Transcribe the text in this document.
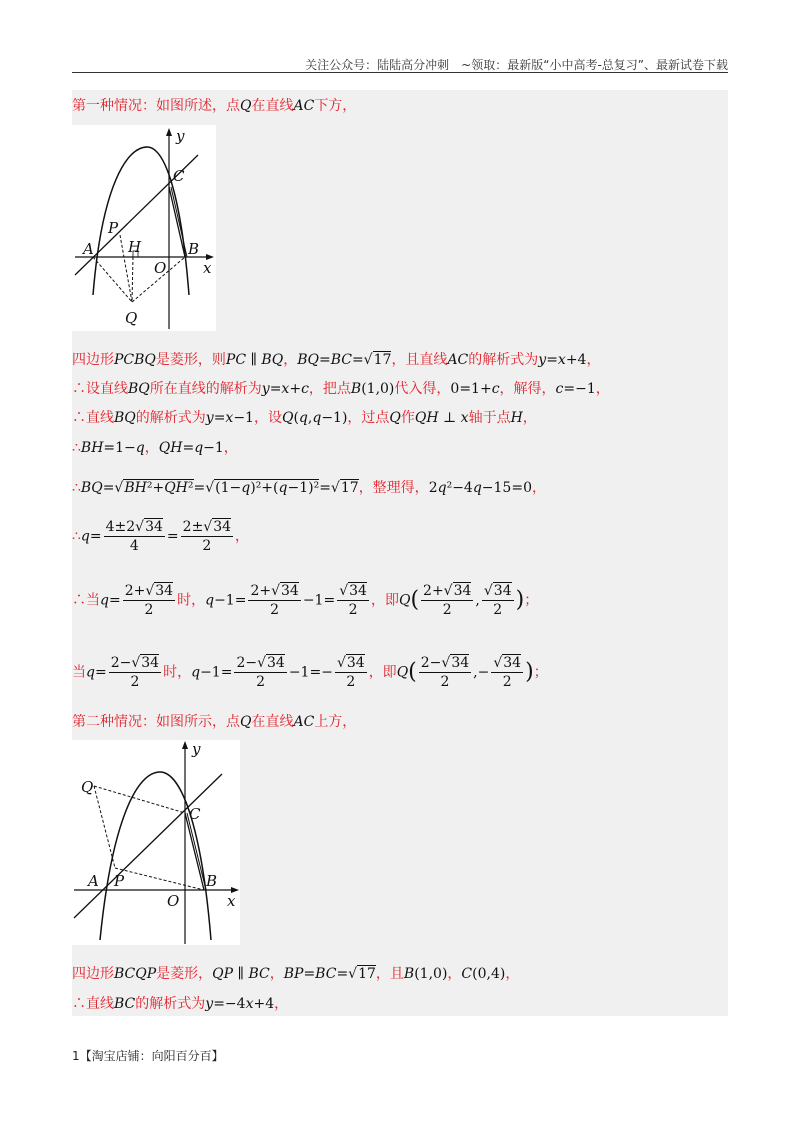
关注公众号：陆陆高分冲刺　~领取：最新版“小中高考-总复习”、最新试卷下载
第一种情况：如图所述，点Q在直线AC下方，
y
C
A
P
H	B
O x
Q
四边形PCBQ是菱形，则PC ∥ BQ，BQ=BC=√17，且直线AC的解析式为y=x+4，
∴设直线BQ所在直线的解析为y=x+c，把点B(1,0)代入得，0=1+c，解得，c=−1，
∴直线BQ的解析式为y=x−1，设Q(q,q−1)，过点Q作QH ⊥ x轴于点H，
∴BH=1−q，QH=q−1，
∴BQ=√BH²+QH²=√(1−q)²+(q−1)²=√17，整理得，2q²−4q−15=0，
∴q= $\frac{4\pm 2√34}{4} = \frac{2\pm√34}{2}$ ，
∴当$q= \frac{2+√34}{2}$ 时，$q-1= \frac{2+√34}{2} -1= \frac{√34}{2}$ ，即$Q( \frac{2+√34}{2}$ , $\frac{√34}{2}$ )；
当$q= \frac{2-√34}{2}$ 时，$q-1= \frac{2-√34}{2} -1=- \frac{√34}{2}$ ，即$Q( \frac{2-√34}{2}$ ,− $\frac{√34}{2}$ )；
第二种情况：如图所示，点Q在直线AC上方，
y
Q
C
A P	B
O	x
四边形BCQP是菱形，QP ∥ BC，BP=BC=√17，且B(1,0)，C(0,4)，
∴直线BC的解析式为y=−4x+4，
1【淘宝店铺：向阳百分百】
